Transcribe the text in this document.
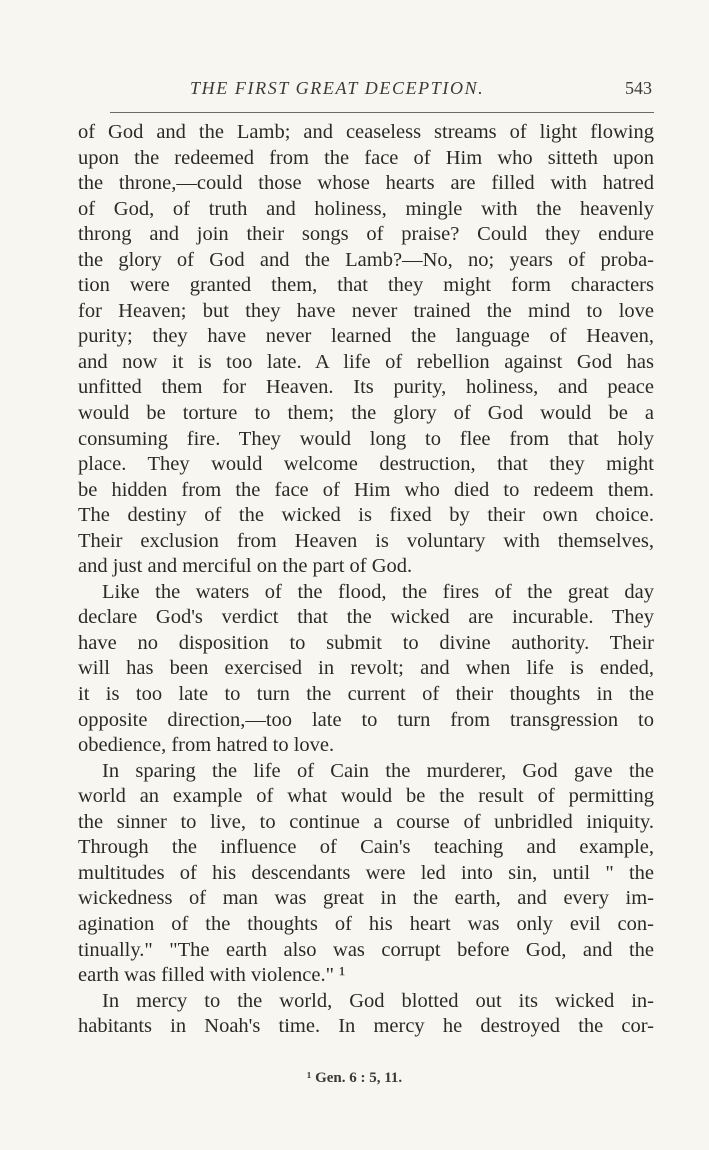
THE FIRST GREAT DECEPTION.	543
of God and the Lamb; and ceaseless streams of light flowing
upon the redeemed from the face of Him who sitteth upon
the throne,—could those whose hearts are filled with hatred
of God, of truth and holiness, mingle with the heavenly
throng and join their songs of praise? Could they endure
the glory of God and the Lamb?—No, no; years of proba-
tion were granted them, that they might form characters
for Heaven; but they have never trained the mind to love
purity; they have never learned the language of Heaven,
and now it is too late. A life of rebellion against God has
unfitted them for Heaven. Its purity, holiness, and peace
would be torture to them; the glory of God would be a
consuming fire. They would long to flee from that holy
place. They would welcome destruction, that they might
be hidden from the face of Him who died to redeem them.
The destiny of the wicked is fixed by their own choice.
Their exclusion from Heaven is voluntary with themselves,
and just and merciful on the part of God.
Like the waters of the flood, the fires of the great day
declare God's verdict that the wicked are incurable. They
have no disposition to submit to divine authority. Their
will has been exercised in revolt; and when life is ended,
it is too late to turn the current of their thoughts in the
opposite direction,—too late to turn from transgression to
obedience, from hatred to love.
In sparing the life of Cain the murderer, God gave the
world an example of what would be the result of permitting
the sinner to live, to continue a course of unbridled iniquity.
Through the influence of Cain's teaching and example,
multitudes of his descendants were led into sin, until " the
wickedness of man was great in the earth, and every im-
agination of the thoughts of his heart was only evil con-
tinually." "The earth also was corrupt before God, and the
earth was filled with violence." ¹
In mercy to the world, God blotted out its wicked in-
habitants in Noah's time. In mercy he destroyed the cor-
¹ Gen. 6 : 5, 11.
